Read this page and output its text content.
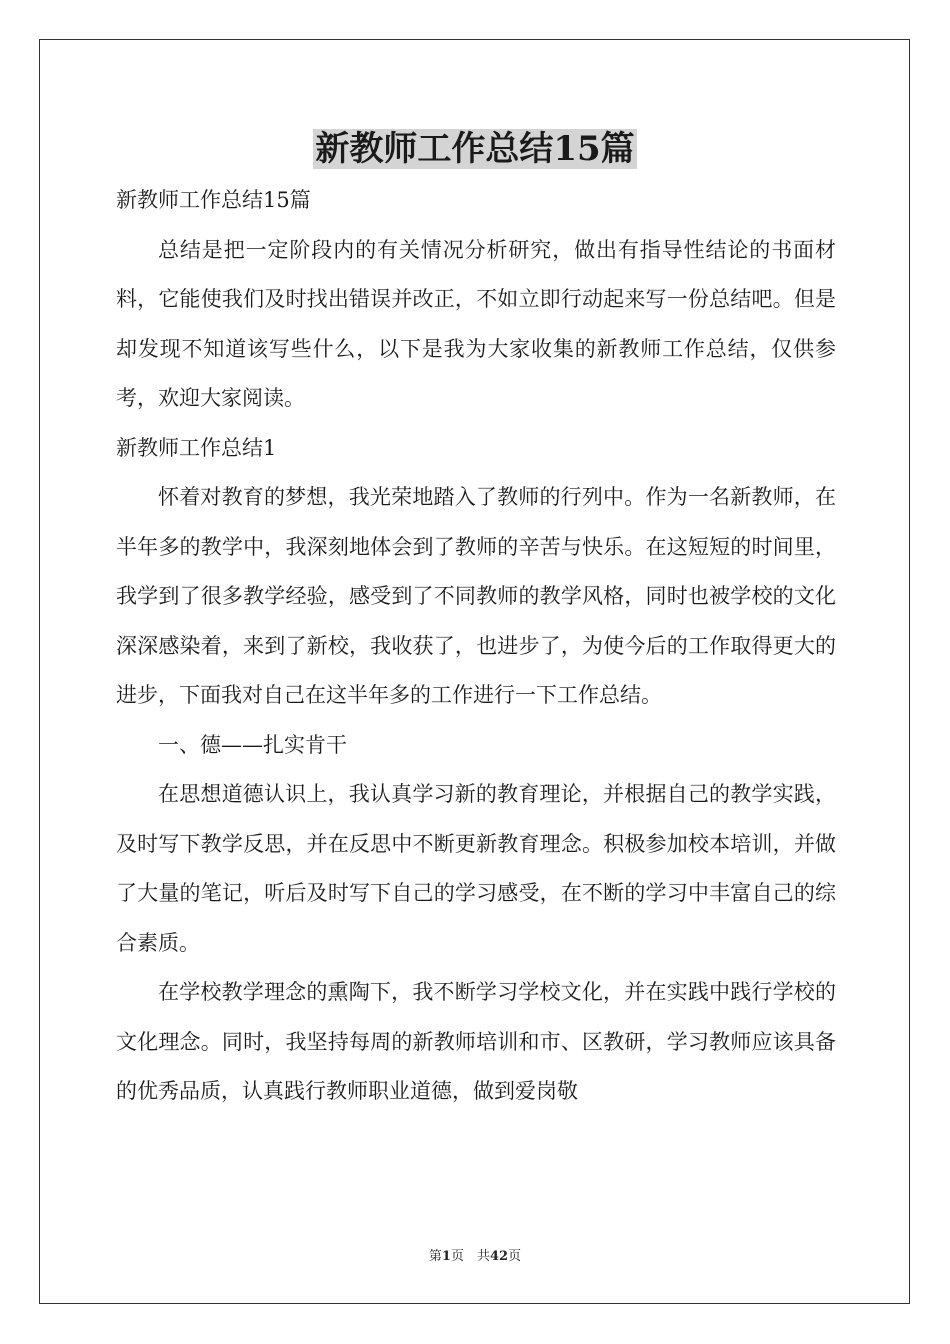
新教师工作总结15篇

新教师工作总结15篇

总结是把一定阶段内的有关情况分析研究，做出有指导性结论的书面材料，它能使我们及时找出错误并改正，不如立即行动起来写一份总结吧。但是却发现不知道该写些什么，以下是我为大家收集的新教师工作总结，仅供参考，欢迎大家阅读。

新教师工作总结1

怀着对教育的梦想，我光荣地踏入了教师的行列中。作为一名新教师，在半年多的教学中，我深刻地体会到了教师的辛苦与快乐。在这短短的时间里，我学到了很多教学经验，感受到了不同教师的教学风格，同时也被学校的文化深深感染着，来到了新校，我收获了，也进步了，为使今后的工作取得更大的进步，下面我对自己在这半年多的工作进行一下工作总结。

一、德——扎实肯干

在思想道德认识上，我认真学习新的教育理论，并根据自己的教学实践，及时写下教学反思，并在反思中不断更新教育理念。积极参加校本培训，并做了大量的笔记，听后及时写下自己的学习感受，在不断的学习中丰富自己的综合素质。

在学校教学理念的熏陶下，我不断学习学校文化，并在实践中践行学校的文化理念。同时，我坚持每周的新教师培训和市、区教研，学习教师应该具备的优秀品质，认真践行教师职业道德，做到爱岗敬

第1页　共42页
